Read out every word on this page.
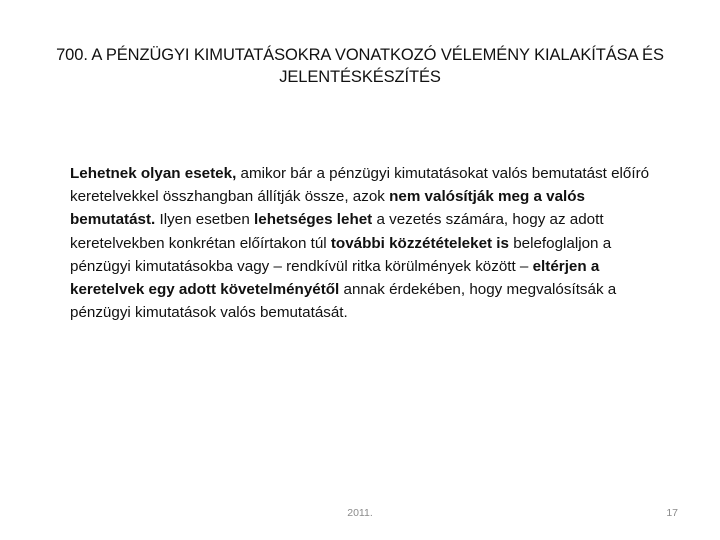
700. A PÉNZÜGYI KIMUTATÁSOKRA VONATKOZÓ VÉLEMÉNY KIALAKÍTÁSA ÉS
JELENTÉSKÉSZÍTÉS
Lehetnek olyan esetek, amikor bár a pénzügyi kimutatásokat valós bemutatást előíró keretelvekkel összhangban állítják össze, azok nem valósítják meg a valós bemutatást. Ilyen esetben lehetséges lehet a vezetés számára, hogy az adott keretelvekben konkrétan előírtakon túl további közzétételeket is belefoglaljon a pénzügyi kimutatásokba vagy – rendkívül ritka körülmények között – eltérjen a keretelvek egy adott követelményétől annak érdekében, hogy megvalósítsák a pénzügyi kimutatások valós bemutatását.
2011.	17
